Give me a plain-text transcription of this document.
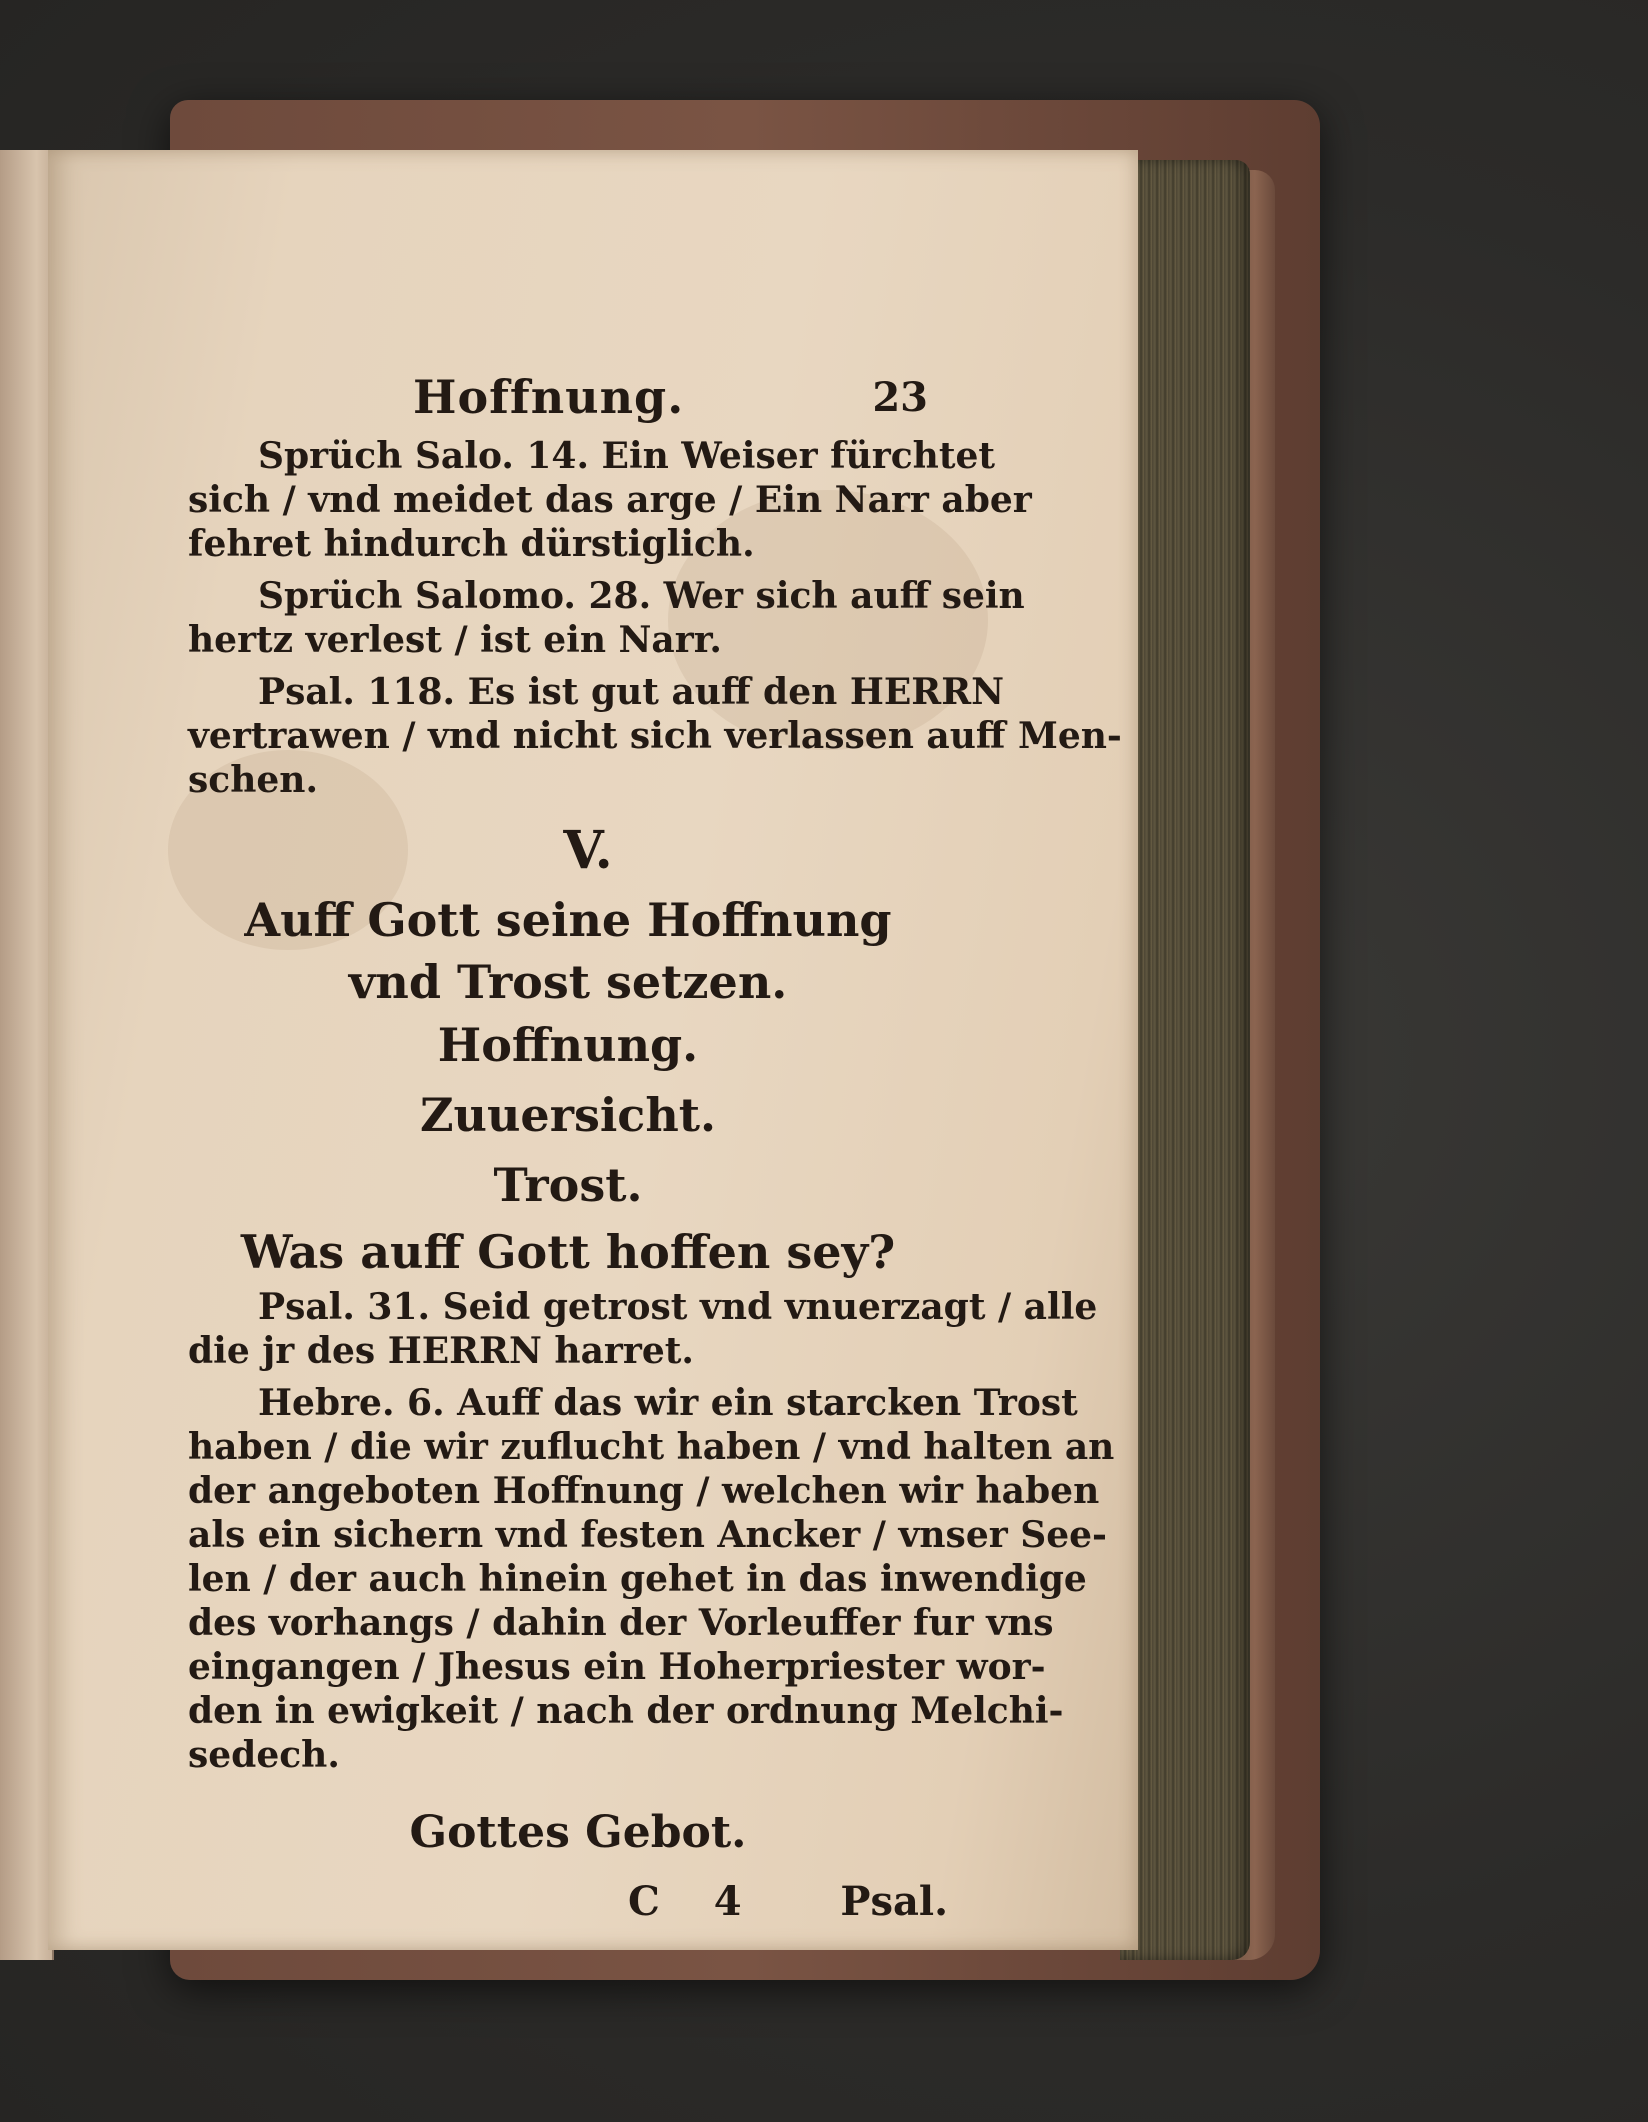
Hoffnung.	23
Sprüch Salo. 14. Ein Weiser fürchtet
sich / vnd meidet das arge / Ein Narr aber
fehret hindurch dürstiglich.
Sprüch Salomo. 28. Wer sich auff sein
hertz verlest / ist ein Narr.
Psal. 118. Es ist gut auff den HERRN
vertrawen / vnd nicht sich verlassen auff Men-
schen.
V.
Auff Gott seine Hoffnung
vnd Trost setzen.
Hoffnung.
Zuuersicht.
Trost.
Was auff Gott hoffen sey?
Psal. 31. Seid getrost vnd vnuerzagt / alle
die jr des HERRN harret.
Hebre. 6. Auff das wir ein starcken Trost
haben / die wir zuflucht haben / vnd halten an
der angeboten Hoffnung / welchen wir haben
als ein sichern vnd festen Ancker / vnser See-
len / der auch hinein gehet in das inwendige
des vorhangs / dahin der Vorleuffer fur vns
eingangen / Jhesus ein Hoherpriester wor-
den in ewigkeit / nach der ordnung Melchi-
sedech.
Gottes Gebot.
C 4 Psal.
